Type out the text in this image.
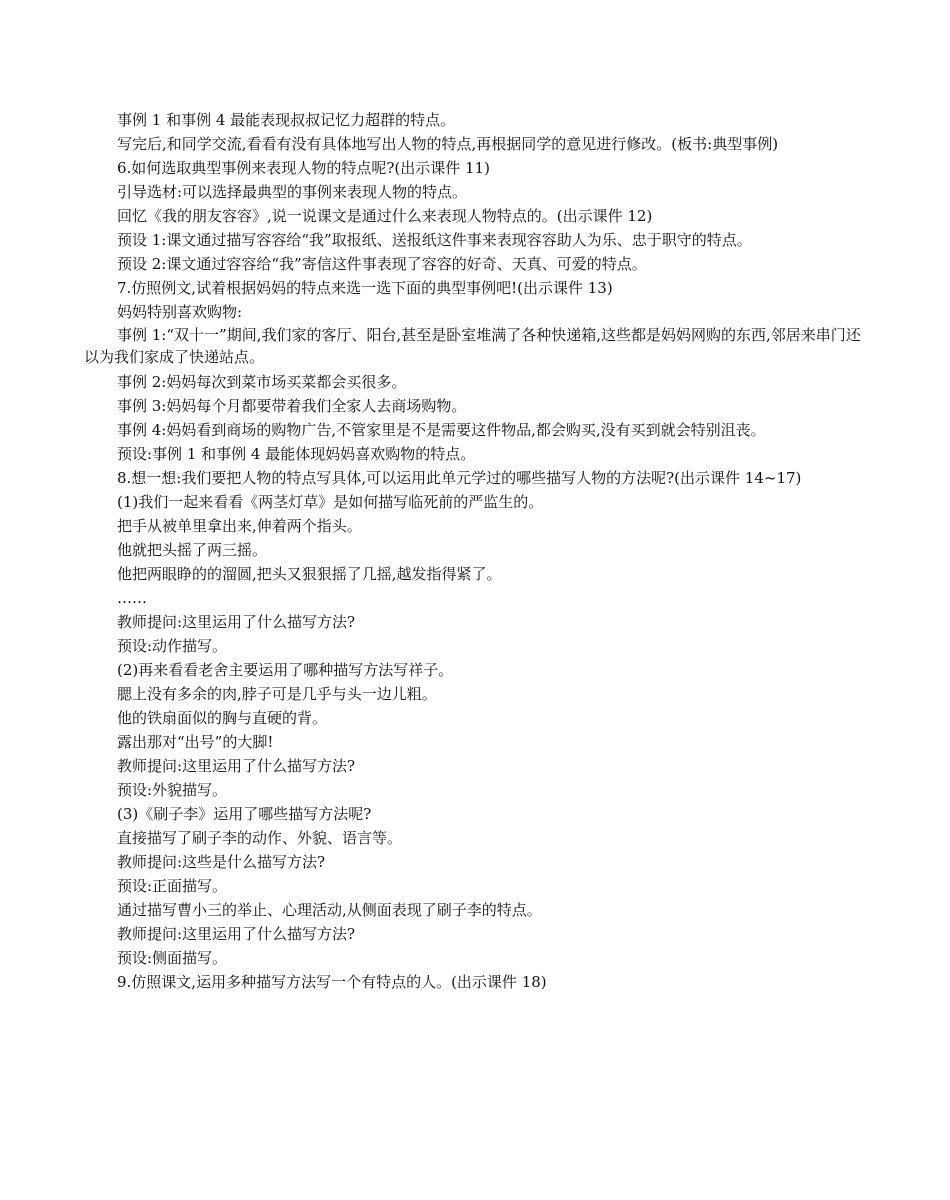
事例 1 和事例 4 最能表现叔叔记忆力超群的特点。
写完后,和同学交流,看看有没有具体地写出人物的特点,再根据同学的意见进行修改。(板书:典型事例)
6.如何选取典型事例来表现人物的特点呢?(出示课件 11)
引导选材:可以选择最典型的事例来表现人物的特点。
回忆《我的朋友容容》,说一说课文是通过什么来表现人物特点的。(出示课件 12)
预设 1:课文通过描写容容给“我”取报纸、送报纸这件事来表现容容助人为乐、忠于职守的特点。
预设 2:课文通过容容给“我”寄信这件事表现了容容的好奇、天真、可爱的特点。
7.仿照例文,试着根据妈妈的特点来选一选下面的典型事例吧!(出示课件 13)
妈妈特别喜欢购物:
事例 1:“双十一”期间,我们家的客厅、阳台,甚至是卧室堆满了各种快递箱,这些都是妈妈网购的东西,邻居来串门还以为我们家成了快递站点。
事例 2:妈妈每次到菜市场买菜都会买很多。
事例 3:妈妈每个月都要带着我们全家人去商场购物。
事例 4:妈妈看到商场的购物广告,不管家里是不是需要这件物品,都会购买,没有买到就会特别沮丧。
预设:事例 1 和事例 4 最能体现妈妈喜欢购物的特点。
8.想一想:我们要把人物的特点写具体,可以运用此单元学过的哪些描写人物的方法呢?(出示课件 14~17)
(1)我们一起来看看《两茎灯草》是如何描写临死前的严监生的。
把手从被单里拿出来,伸着两个指头。
他就把头摇了两三摇。
他把两眼睁的的溜圆,把头又狠狠摇了几摇,越发指得紧了。
……
教师提问:这里运用了什么描写方法?
预设:动作描写。
(2)再来看看老舍主要运用了哪种描写方法写祥子。
腮上没有多余的肉,脖子可是几乎与头一边儿粗。
他的铁扇面似的胸与直硬的背。
露出那对“出号”的大脚!
教师提问:这里运用了什么描写方法?
预设:外貌描写。
(3)《刷子李》运用了哪些描写方法呢?
直接描写了刷子李的动作、外貌、语言等。
教师提问:这些是什么描写方法?
预设:正面描写。
通过描写曹小三的举止、心理活动,从侧面表现了刷子李的特点。
教师提问:这里运用了什么描写方法?
预设:侧面描写。
9.仿照课文,运用多种描写方法写一个有特点的人。(出示课件 18)
